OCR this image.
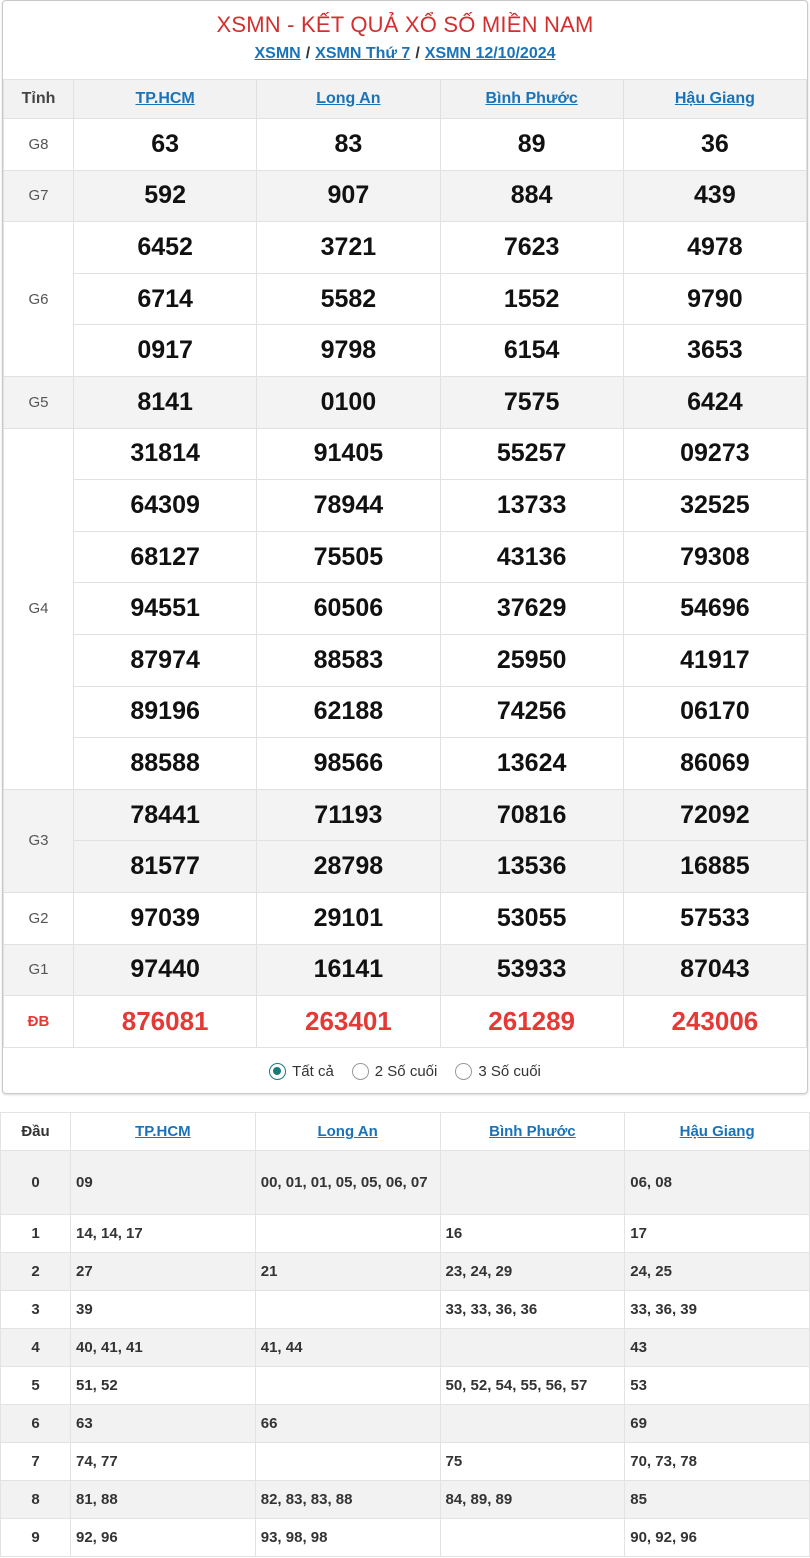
XSMN - KẾT QUẢ XỔ SỐ MIỀN NAM
XSMN / XSMN Thứ 7 / XSMN 12/10/2024
Tỉnh	TP.HCM	Long An	Bình Phước	Hậu Giang
G8	63	83	89	36
G7	592	907	884	439
G6	6452	3721	7623	4978
	6714	5582	1552	9790
	0917	9798	6154	3653
G5	8141	0100	7575	6424
G4	31814	91405	55257	09273
	64309	78944	13733	32525
	68127	75505	43136	79308
	94551	60506	37629	54696
	87974	88583	25950	41917
	89196	62188	74256	06170
	88588	98566	13624	86069
G3	78441	71193	70816	72092
	81577	28798	13536	16885
G2	97039	29101	53055	57533
G1	97440	16141	53933	87043
ĐB	876081	263401	261289	243006
Tất cả	2 Số cuối	3 Số cuối
Đầu	TP.HCM	Long An	Bình Phước	Hậu Giang
0	09	00, 01, 01, 05, 05, 06, 07		06, 08
1	14, 14, 17		16	17
2	27	21	23, 24, 29	24, 25
3	39		33, 33, 36, 36	33, 36, 39
4	40, 41, 41	41, 44		43
5	51, 52		50, 52, 54, 55, 56, 57	53
6	63	66		69
7	74, 77		75	70, 73, 78
8	81, 88	82, 83, 83, 88	84, 89, 89	85
9	92, 96	93, 98, 98		90, 92, 96
